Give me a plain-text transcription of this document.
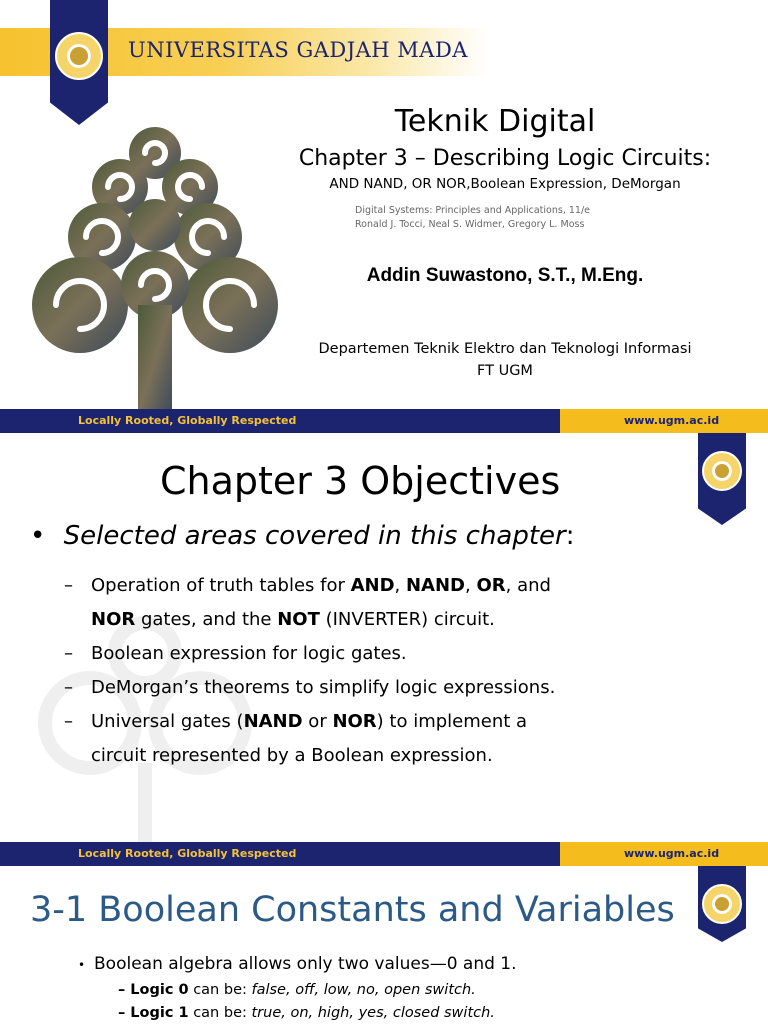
UNIVERSITAS GADJAH MADA
Teknik Digital
Chapter 3 – Describing Logic Circuits:
AND NAND, OR NOR,Boolean Expression, DeMorgan
Digital Systems: Principles and Applications, 11/e
Ronald J. Tocci, Neal S. Widmer, Gregory L. Moss
Addin Suwastono, S.T., M.Eng.
Departemen Teknik Elektro dan Teknologi Informasi
FT UGM
Locally Rooted, Globally Respected	www.ugm.ac.id
Chapter 3 Objectives
• Selected areas covered in this chapter:
– Operation of truth tables for AND, NAND, OR, and
NOR gates, and the NOT (INVERTER) circuit.
– Boolean expression for logic gates.
– DeMorgan’s theorems to simplify logic expressions.
– Universal gates (NAND or NOR) to implement a
circuit represented by a Boolean expression.
Locally Rooted, Globally Respected	www.ugm.ac.id
3-1 Boolean Constants and Variables
• Boolean algebra allows only two values—0 and 1.
– Logic 0 can be: false, off, low, no, open switch.
– Logic 1 can be: true, on, high, yes, closed switch.
